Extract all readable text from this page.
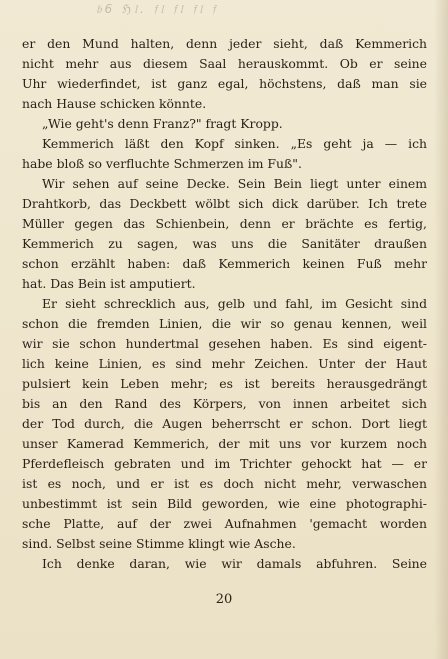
𝔟6 ℌ𝔩. 𝔣𝔩 𝔣𝔩 𝔣𝔩 𝔣
er den Mund halten, denn jeder sieht, daß Kemmerich
nicht mehr aus diesem Saal herauskommt. Ob er seine
Uhr wiederfindet, ist ganz egal, höchstens, daß man sie
nach Hause schicken könnte.
„Wie geht's denn Franz?" fragt Kropp.
Kemmerich läßt den Kopf sinken. „Es geht ja — ich
habe bloß so verfluchte Schmerzen im Fuß".
Wir sehen auf seine Decke. Sein Bein liegt unter einem
Drahtkorb, das Deckbett wölbt sich dick darüber. Ich trete
Müller gegen das Schienbein, denn er brächte es fertig,
Kemmerich zu sagen, was uns die Sanitäter draußen
schon erzählt haben: daß Kemmerich keinen Fuß mehr
hat. Das Bein ist amputiert.
Er sieht schrecklich aus, gelb und fahl, im Gesicht sind
schon die fremden Linien, die wir so genau kennen, weil
wir sie schon hundertmal gesehen haben. Es sind eigent-
lich keine Linien, es sind mehr Zeichen. Unter der Haut
pulsiert kein Leben mehr; es ist bereits herausgedrängt
bis an den Rand des Körpers, von innen arbeitet sich
der Tod durch, die Augen beherrscht er schon. Dort liegt
unser Kamerad Kemmerich, der mit uns vor kurzem noch
Pferdefleisch gebraten und im Trichter gehockt hat — er
ist es noch, und er ist es doch nicht mehr, verwaschen
unbestimmt ist sein Bild geworden, wie eine photographi-
sche Platte, auf der zwei Aufnahmen 'gemacht worden
sind. Selbst seine Stimme klingt wie Asche.
Ich denke daran, wie wir damals abfuhren. Seine
20
